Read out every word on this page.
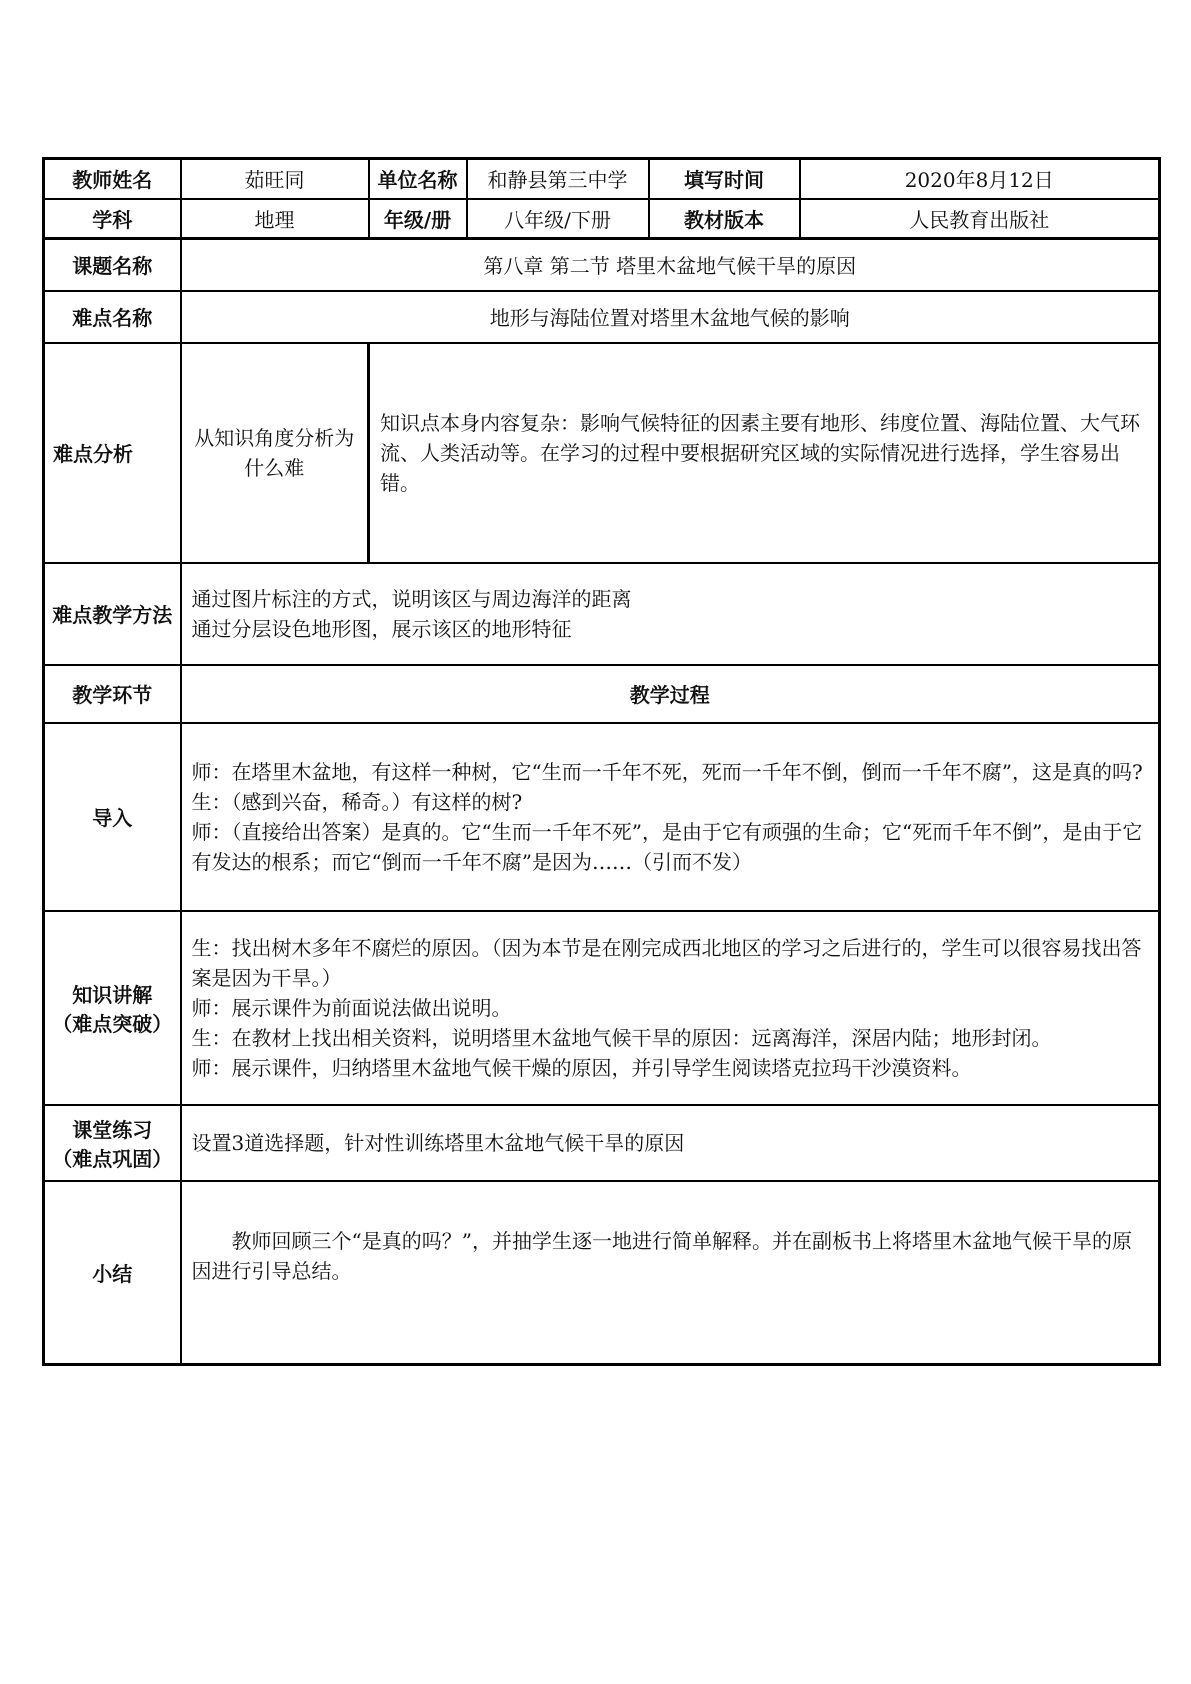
教师姓名	茹旺同	单位名称	和静县第三中学	填写时间	2020年8月12日
学科	地理	年级/册	八年级/下册	教材版本	人民教育出版社
课题名称	第八章 第二节 塔里木盆地气候干旱的原因				
难点名称	地形与海陆位置对塔里木盆地气候的影响				
难点分析	从知识角度分析为什么难	知识点本身内容复杂：影响气候特征的因素主要有地形、纬度位置、海陆位置、大气环流、人类活动等。在学习的过程中要根据研究区域的实际情况进行选择，学生容易出错。			
难点教学方法	通过图片标注的方式，说明该区与周边海洋的距离
通过分层设色地形图，展示该区的地形特征				

教学环节	教学过程				
导入	师：在塔里木盆地，有这样一种树，它“生而一千年不死，死而一千年不倒，倒而一千年不腐”，这是真的吗?
生：（感到兴奋，稀奇。）有这样的树?
师：（直接给出答案）是真的。它“生而一千年不死”，是由于它有顽强的生命；它“死而千年不倒”，是由于它有发达的根系；而它“倒而一千年不腐”是因为……（引而不发）				

知识讲解
（难点突破）	生：找出树木多年不腐烂的原因。（因为本节是在刚完成西北地区的学习之后进行的，学生可以很容易找出答案是因为干旱。）
师：展示课件为前面说法做出说明。
生：在教材上找出相关资料，说明塔里木盆地气候干旱的原因：远离海洋，深居内陆；地形封闭。
师：展示课件，归纳塔里木盆地气候干燥的原因，并引导学生阅读塔克拉玛干沙漠资料。				

课堂练习
（难点巩固）	设置3道选择题，针对性训练塔里木盆地气候干旱的原因				
小结	教师回顾三个“是真的吗？”，并抽学生逐一地进行简单解释。并在副板书上将塔里木盆地气候干旱的原因进行引导总结。				
